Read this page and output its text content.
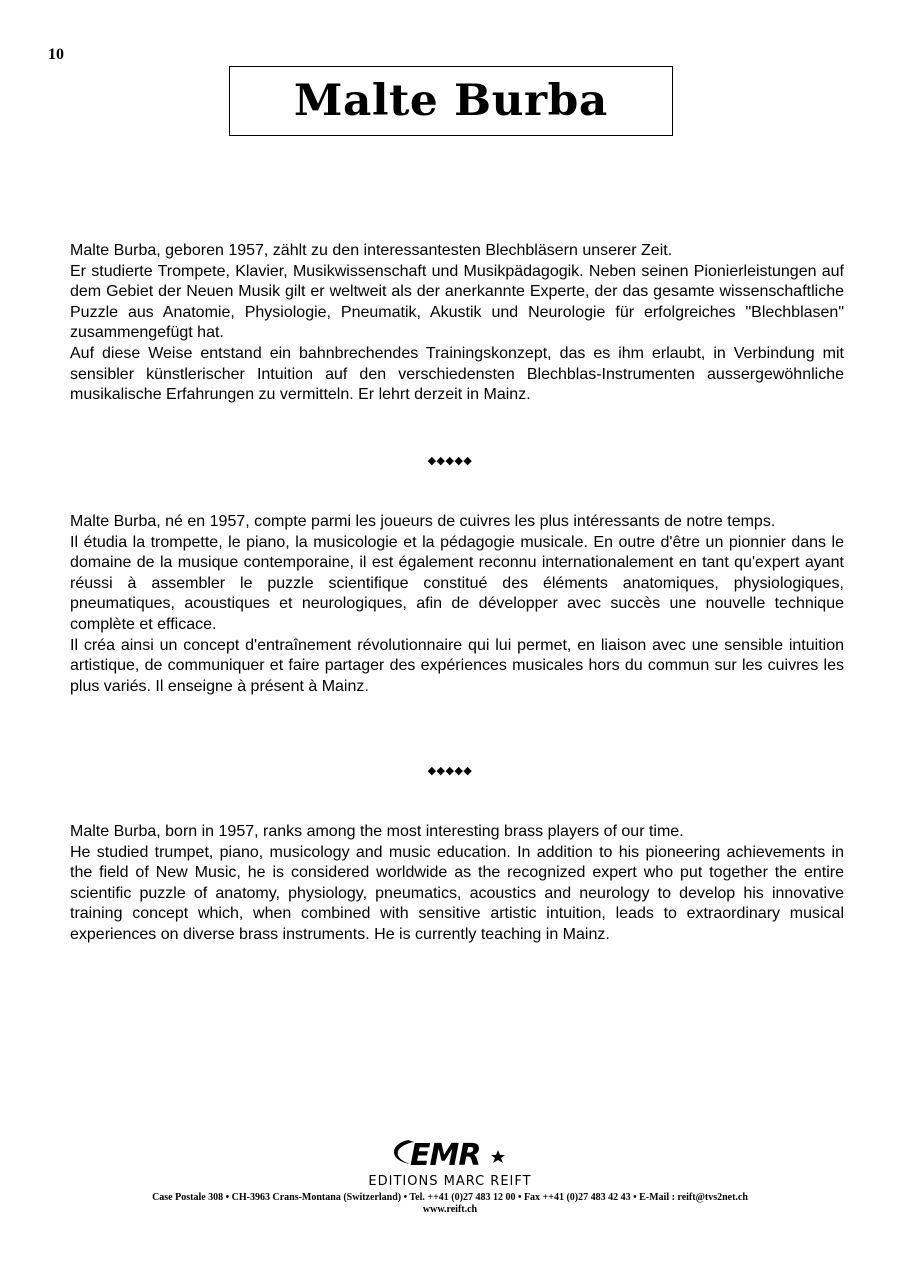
10
Malte Burba

Malte Burba, geboren 1957, zählt zu den interessantesten Blechbläsern unserer Zeit.

Er studierte Trompete, Klavier, Musikwissenschaft und Musikpädagogik. Neben seinen Pionierleistungen auf dem Gebiet der Neuen Musik gilt er weltweit als der anerkannte Experte, der das gesamte wissenschaftliche Puzzle aus Anatomie, Physiologie, Pneumatik, Akustik und Neurologie für erfolgreiches "Blechblasen" zusammengefügt hat.

Auf diese Weise entstand ein bahnbrechendes Trainingskonzept, das es ihm erlaubt, in Verbindung mit sensibler künstlerischer Intuition auf den verschiedensten Blechblas-Instrumenten aussergewöhnliche musikalische Erfahrungen zu vermitteln. Er lehrt derzeit in Mainz.

◆◆◆◆◆

Malte Burba, né en 1957, compte parmi les joueurs de cuivres les plus intéressants de notre temps.

Il étudia la trompette, le piano, la musicologie et la pédagogie musicale. En outre d'être un pionnier dans le domaine de la musique contemporaine, il est également reconnu internationalement en tant qu'expert ayant réussi à assembler le puzzle scientifique constitué des éléments anatomiques, physiologiques, pneumatiques, acoustiques et neurologiques, afin de développer avec succès une nouvelle technique complète et efficace.

Il créa ainsi un concept d'entraînement révolutionnaire qui lui permet, en liaison avec une sensible intuition artistique, de communiquer et faire partager des expériences musicales hors du commun sur les cuivres les plus variés. Il enseigne à présent à Mainz.

◆◆◆◆◆

Malte Burba, born in 1957, ranks among the most interesting brass players of our time.

He studied trumpet, piano, musicology and music education. In addition to his pioneering achievements in the field of New Music, he is considered worldwide as the recognized expert who put together the entire scientific puzzle of anatomy, physiology, pneumatics, acoustics and neurology to develop his innovative training concept which, when combined with sensitive artistic intuition, leads to extraordinary musical experiences on diverse brass instruments. He is currently teaching in Mainz.

EMR
EDITIONS MARC REIFT
Case Postale 308 • CH-3963 Crans-Montana (Switzerland) • Tel. ++41 (0)27 483 12 00 • Fax ++41 (0)27 483 42 43 • E-Mail : reift@tvs2net.ch
www.reift.ch
